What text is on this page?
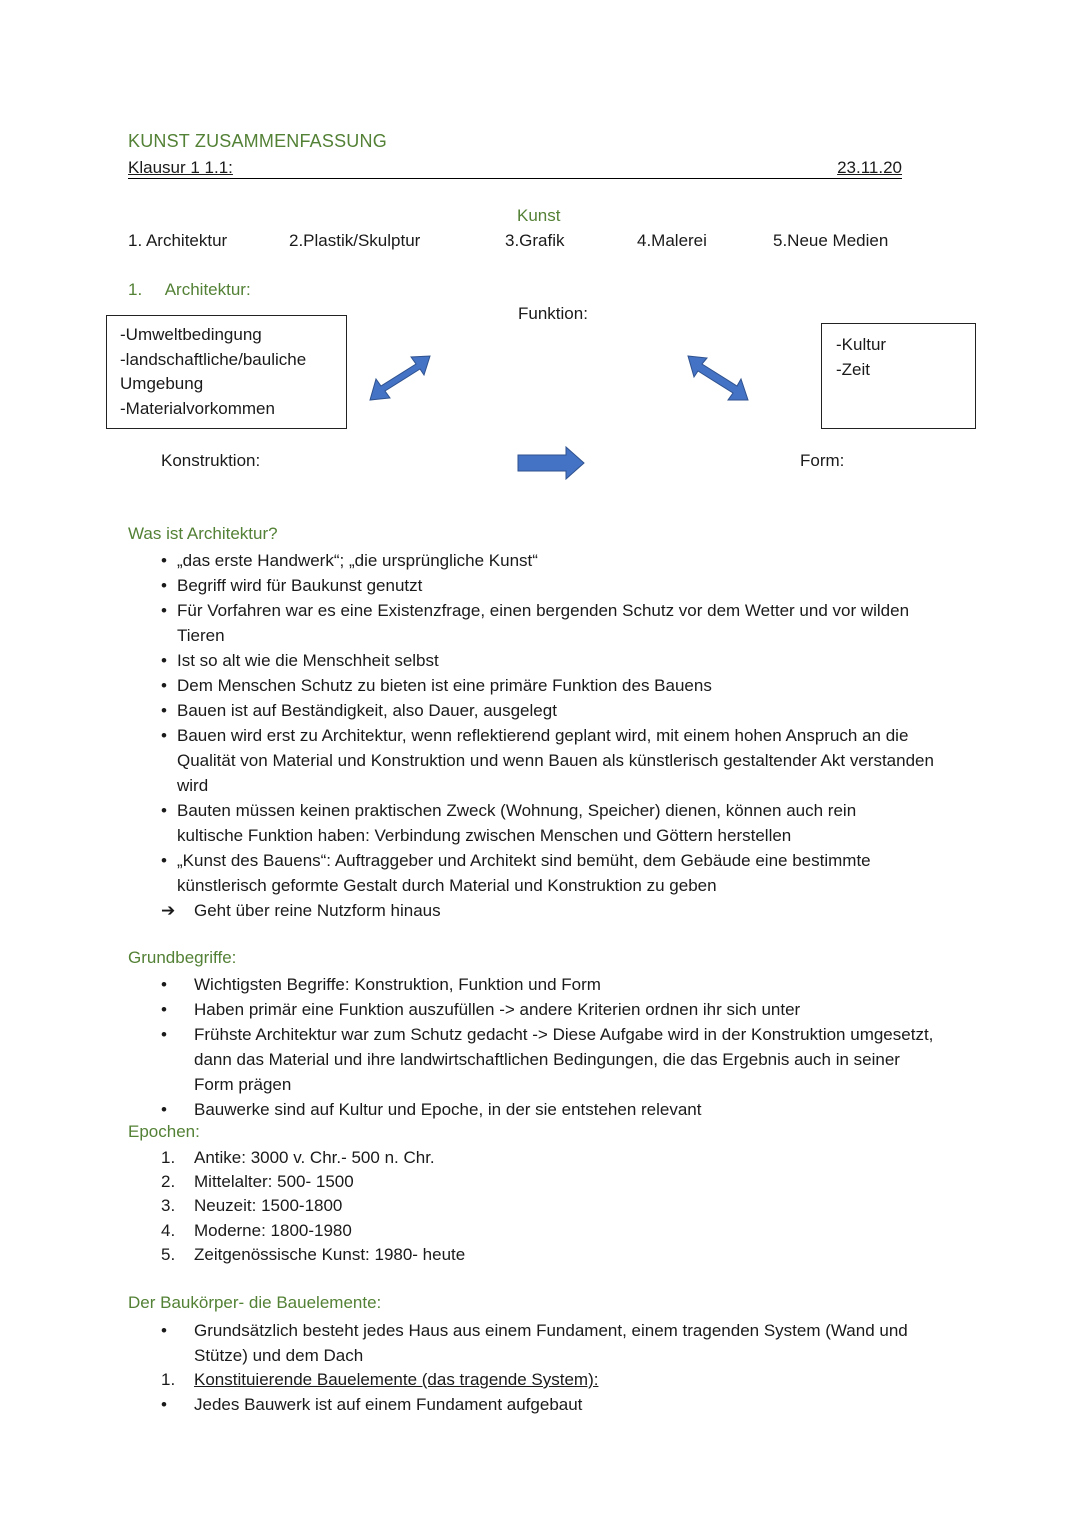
KUNST ZUSAMMENFASSUNG
Klausur 1 1.1:	23.11.20
Kunst
1. Architektur	2.Plastik/Skulptur	3.Grafik	4.Malerei	5.Neue Medien
1. Architektur:
-Umweltbedingung
-landschaftliche/bauliche
Umgebung
-Materialvorkommen
Funktion:
-Kultur
-Zeit
Konstruktion:	Form:
Was ist Architektur?
• „das erste Handwerk“; „die ursprüngliche Kunst“
• Begriff wird für Baukunst genutzt
• Für Vorfahren war es eine Existenzfrage, einen bergenden Schutz vor dem Wetter und vor wilden Tieren
• Ist so alt wie die Menschheit selbst
• Dem Menschen Schutz zu bieten ist eine primäre Funktion des Bauens
• Bauen ist auf Beständigkeit, also Dauer, ausgelegt
• Bauen wird erst zu Architektur, wenn reflektierend geplant wird, mit einem hohen Anspruch an die Qualität von Material und Konstruktion und wenn Bauen als künstlerisch gestaltender Akt verstanden wird
• Bauten müssen keinen praktischen Zweck (Wohnung, Speicher) dienen, können auch rein kultische Funktion haben: Verbindung zwischen Menschen und Göttern herstellen
• „Kunst des Bauens“: Auftraggeber und Architekt sind bemüht, dem Gebäude eine bestimmte künstlerisch geformte Gestalt durch Material und Konstruktion zu geben
➔	Geht über reine Nutzform hinaus
Grundbegriffe:
•	Wichtigsten Begriffe: Konstruktion, Funktion und Form
•	Haben primär eine Funktion auszufüllen -> andere Kriterien ordnen ihr sich unter
•	Frühste Architektur war zum Schutz gedacht -> Diese Aufgabe wird in der Konstruktion umgesetzt, dann das Material und ihre landwirtschaftlichen Bedingungen, die das Ergebnis auch in seiner Form prägen
•	Bauwerke sind auf Kultur und Epoche, in der sie entstehen relevant
Epochen:
1.	Antike: 3000 v. Chr.- 500 n. Chr.
2.	Mittelalter: 500- 1500
3.	Neuzeit: 1500-1800
4.	Moderne: 1800-1980
5.	Zeitgenössische Kunst: 1980- heute
Der Baukörper- die Bauelemente:
•	Grundsätzlich besteht jedes Haus aus einem Fundament, einem tragenden System (Wand und Stütze) und dem Dach
1.	Konstituierende Bauelemente (das tragende System):
•	Jedes Bauwerk ist auf einem Fundament aufgebaut
